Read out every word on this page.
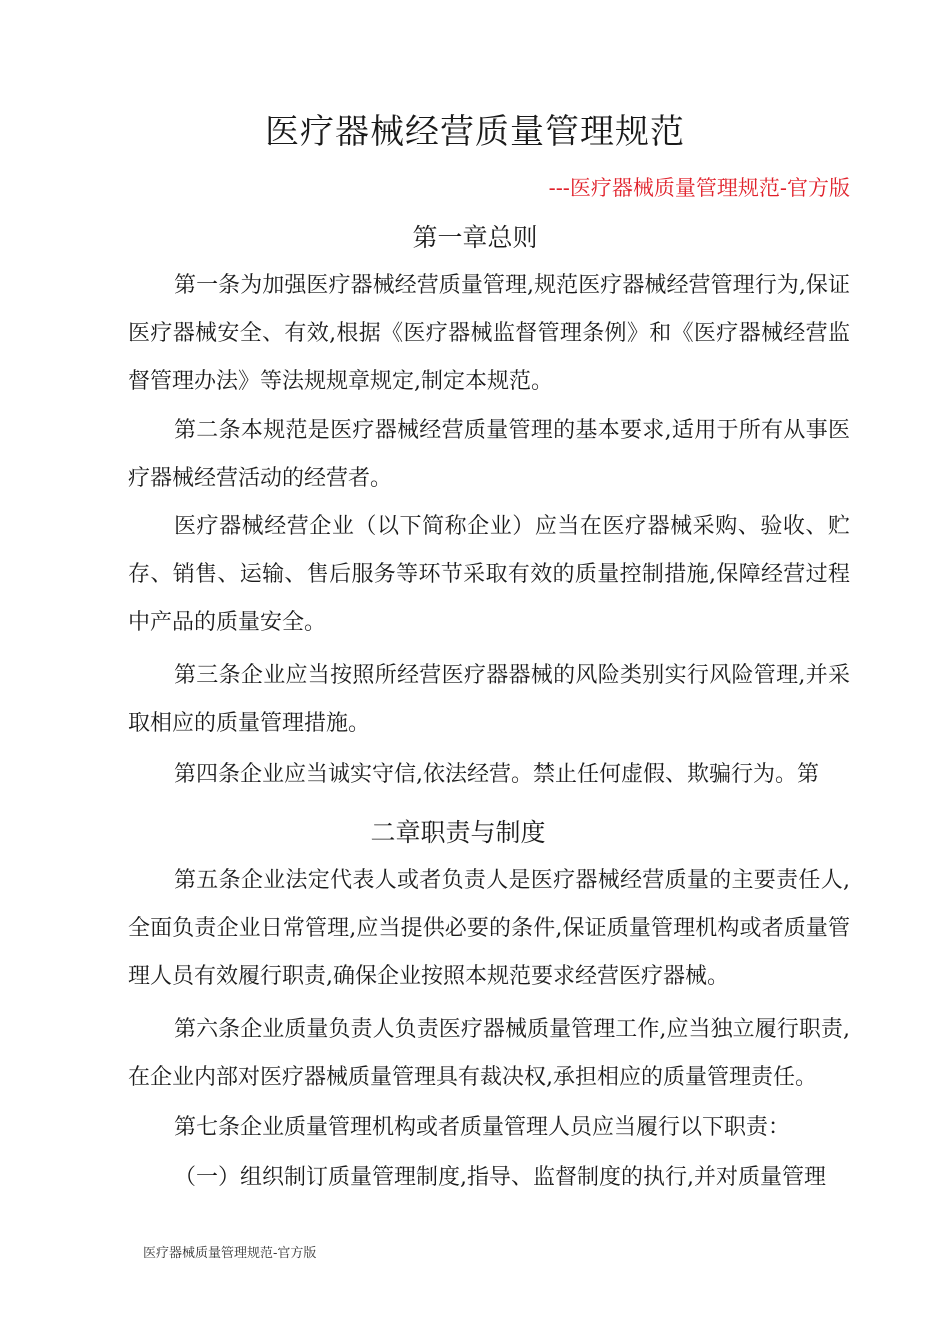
医疗器械经营质量管理规范

---医疗器械质量管理规范-官方版

第一章总则

第一条为加强医疗器械经营质量管理,规范医疗器械经营管理行为,保证医疗器械安全、有效,根据《医疗器械监督管理条例》和《医疗器械经营监督管理办法》等法规规章规定,制定本规范。

第二条本规范是医疗器械经营质量管理的基本要求,适用于所有从事医疗器械经营活动的经营者。

医疗器械经营企业（以下简称企业）应当在医疗器械采购、验收、贮存、销售、运输、售后服务等环节采取有效的质量控制措施,保障经营过程中产品的质量安全。

第三条企业应当按照所经营医疗器器械的风险类别实行风险管理,并采取相应的质量管理措施。

第四条企业应当诚实守信,依法经营。禁止任何虚假、欺骗行为。第

二章职责与制度

第五条企业法定代表人或者负责人是医疗器械经营质量的主要责任人,全面负责企业日常管理,应当提供必要的条件,保证质量管理机构或者质量管理人员有效履行职责,确保企业按照本规范要求经营医疗器械。

第六条企业质量负责人负责医疗器械质量管理工作,应当独立履行职责,在企业内部对医疗器械质量管理具有裁决权,承担相应的质量管理责任。

第七条企业质量管理机构或者质量管理人员应当履行以下职责：

（一）组织制订质量管理制度,指导、监督制度的执行,并对质量管理

医疗器械质量管理规范-官方版
